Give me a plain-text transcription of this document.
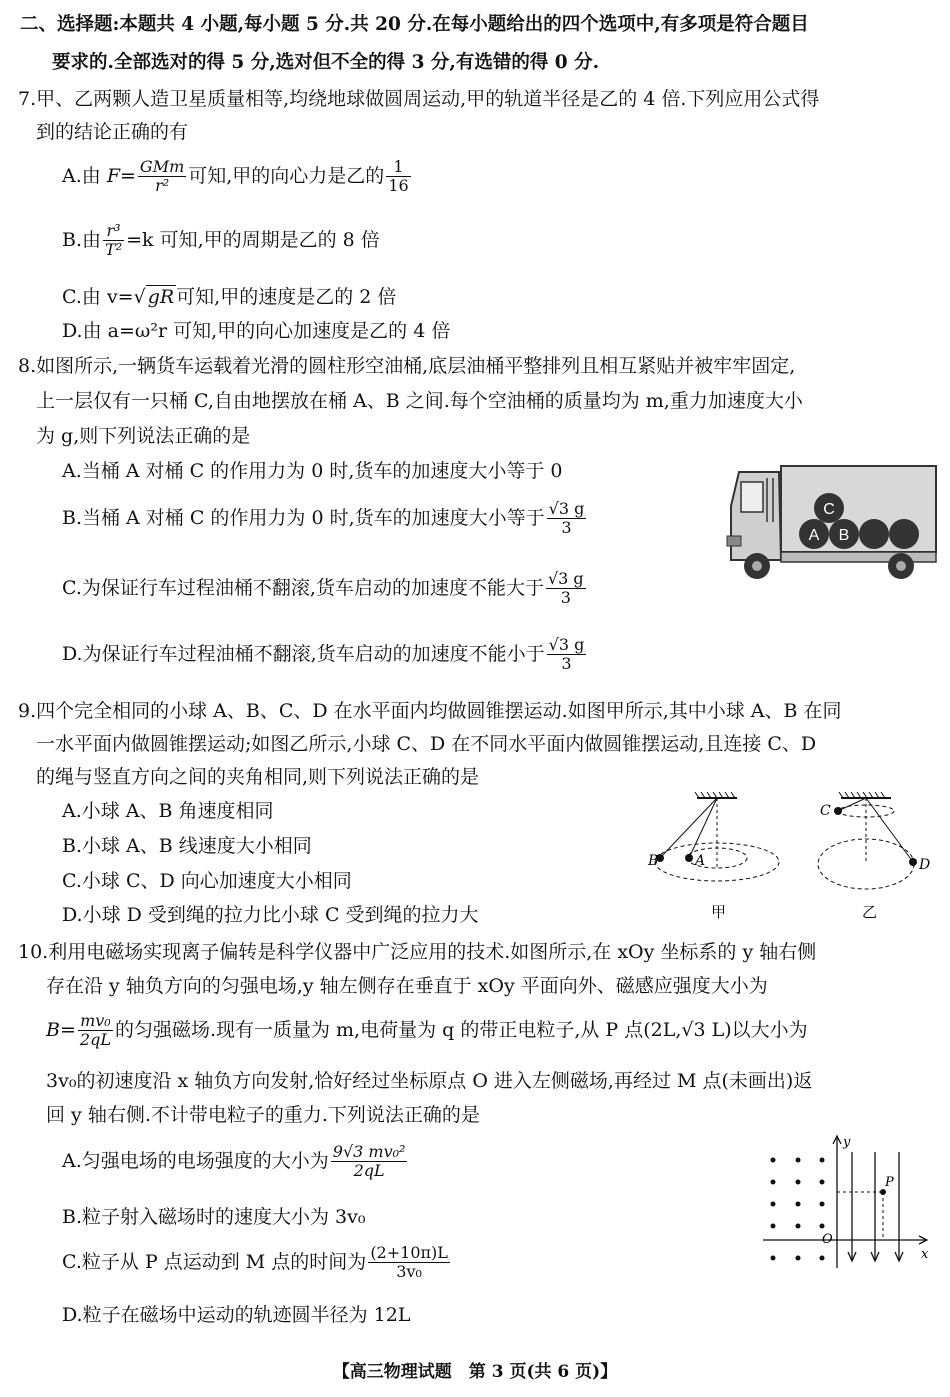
二、选择题:本题共 4 小题,每小题 5 分.共 20 分.在每小题给出的四个选项中,有多项是符合题目
要求的.全部选对的得 5 分,选对但不全的得 3 分,有选错的得 0 分.
7.甲、乙两颗人造卫星质量相等,均绕地球做圆周运动,甲的轨道半径是乙的 4 倍.下列应用公式得
到的结论正确的有
A.由 $F= \frac{\text{GMm}}{\text{r²}}$ 可知,甲的向心力是乙的 $\frac{1}{16}$
B.由 $\frac{\text{r³}}{\text{T²}} =k$ 可知,甲的周期是乙的 8 倍
C.由 v=√ gR 可知,甲的速度是乙的 2 倍
D.由 a=ω²r 可知,甲的向心加速度是乙的 4 倍
8.如图所示,一辆货车运载着光滑的圆柱形空油桶,底层油桶平整排列且相互紧贴并被牢牢固定,
上一层仅有一只桶 C,自由地摆放在桶 A、B 之间.每个空油桶的质量均为 m,重力加速度大小
为 g,则下列说法正确的是
A.当桶 A 对桶 C 的作用力为 0 时,货车的加速度大小等于 0
B.当桶 A 对桶 C 的作用力为 0 时,货车的加速度大小等于 $\frac{√3 g}{3}$
C.为保证行车过程油桶不翻滚,货车启动的加速度不能大于 $\frac{√3 g}{3}$
D.为保证行车过程油桶不翻滚,货车启动的加速度不能小于 $\frac{√3 g}{3}$
C
A B
9.四个完全相同的小球 A、B、C、D 在水平面内均做圆锥摆运动.如图甲所示,其中小球 A、B 在同
一水平面内做圆锥摆运动;如图乙所示,小球 C、D 在不同水平面内做圆锥摆运动,且连接 C、D
的绳与竖直方向之间的夹角相同,则下列说法正确的是
A.小球 A、B 角速度相同
B.小球 A、B 线速度大小相同
C.小球 C、D 向心加速度大小相同
D.小球 D 受到绳的拉力比小球 C 受到绳的拉力大
A
B
甲
C
D
乙
10.利用电磁场实现离子偏转是科学仪器中广泛应用的技术.如图所示,在 xOy 坐标系的 y 轴右侧
存在沿 y 轴负方向的匀强电场,y 轴左侧存在垂直于 xOy 平面向外、磁感应强度大小为
$B= \frac{\text{mv₀}}{2qL}$ 的匀强磁场.现有一质量为 m,电荷量为 q 的带正电粒子,从 P 点(2L,√3 L)以大小为
3v₀的初速度沿 x 轴负方向发射,恰好经过坐标原点 O 进入左侧磁场,再经过 M 点(未画出)返
回 y 轴右侧.不计带电粒子的重力.下列说法正确的是
A.匀强电场的电场强度的大小为 $\frac{\text{9√3 mv₀²}}{2qL}$
B.粒子射入磁场时的速度大小为 3v₀
C.粒子从 P 点运动到 M 点的时间为 $\frac{(2+10\pi)L}{\text{3v₀}}$
D.粒子在磁场中运动的轨迹圆半径为 12L
y
P
O
x
【高三物理试题　第 3 页(共 6 页)】
